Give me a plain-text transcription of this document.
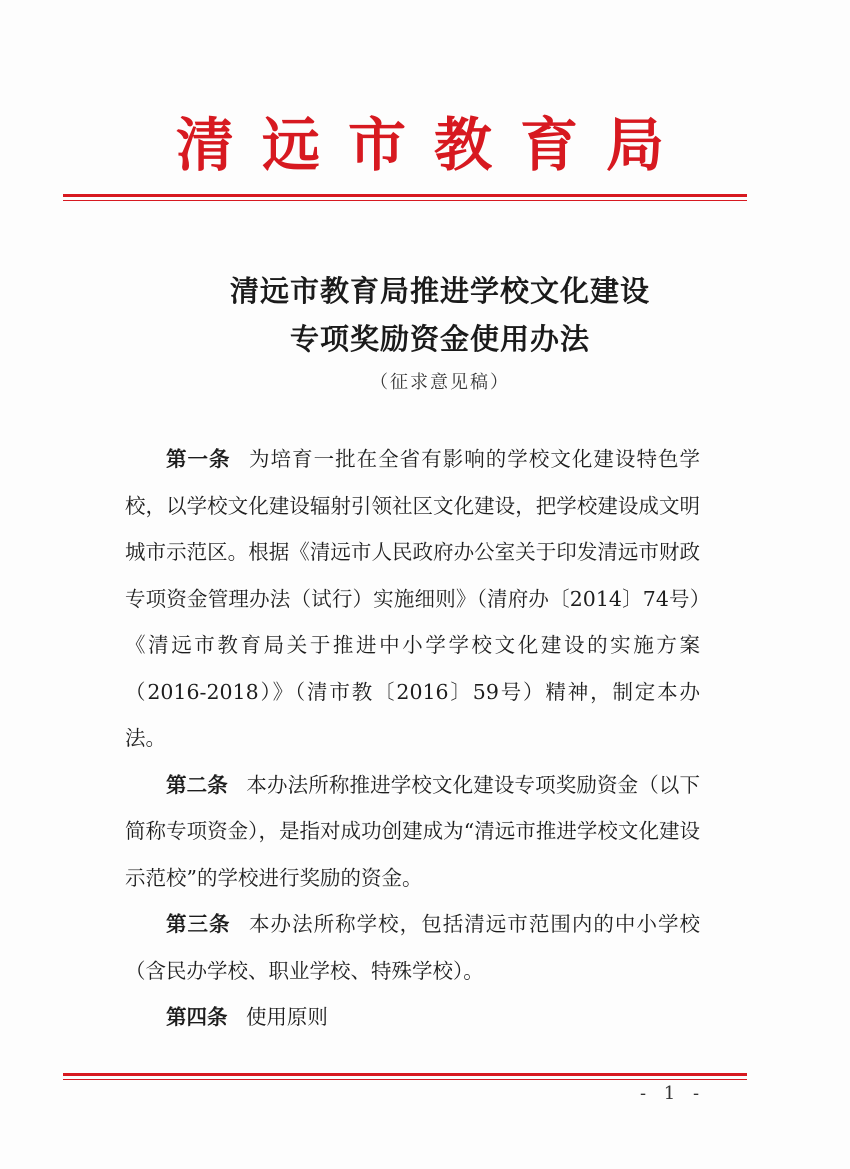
清远市教育局
清远市教育局推进学校文化建设
专项奖励资金使用办法
（征求意见稿）

第一条 为培育一批在全省有影响的学校文化建设特色学校，以学校文化建设辐射引领社区文化建设，把学校建设成文明城市示范区。根据《清远市人民政府办公室关于印发清远市财政专项资金管理办法（试行）实施细则》（清府办〔2014〕74号）《清远市教育局关于推进中小学学校文化建设的实施方案（2016-2018）》（清市教〔2016〕59号）精神，制定本办法。

第二条 本办法所称推进学校文化建设专项奖励资金（以下简称专项资金），是指对成功创建成为“清远市推进学校文化建设示范校”的学校进行奖励的资金。

第三条 本办法所称学校，包括清远市范围内的中小学校（含民办学校、职业学校、特殊学校）。

第四条 使用原则

- 1 -
